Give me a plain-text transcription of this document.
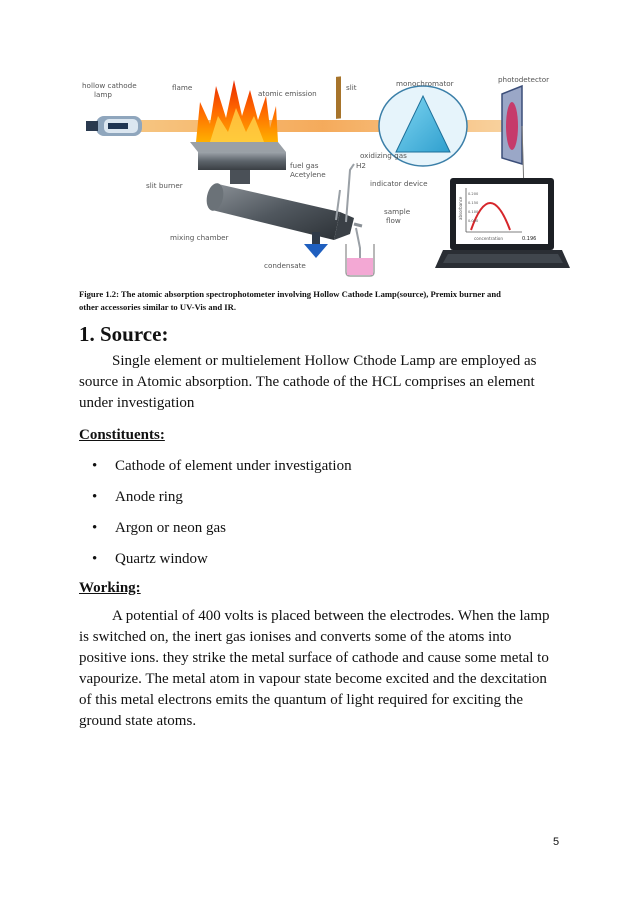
0.200
0.150
0.100
0.050
absorbance
concentration	0.196
hollow cathode
lamp
flame
atomic emission
slit	monochromator	photodetector
slit burner
fuel gas
Acetylene
oxidizing gas
H2
indicator device
sample
flow
mixing chamber
condensate
Figure 1.2: The atomic absorption spectrophotometer involving Hollow Cathode Lamp(source), Premix burner and
other accessories similar to UV-Vis and IR.
1. Source:
Single element or multielement Hollow Cthode Lamp are employed as
source in Atomic absorption. The cathode of the HCL comprises an element
under investigation
Constituents:
•	Cathode of element under investigation
•	Anode ring
•	Argon or neon gas
•	Quartz window
Working:
A potential of 400 volts is placed between the electrodes. When the lamp
is switched on, the inert gas ionises and converts some of the atoms into
positive ions. they strike the metal surface of cathode and cause some metal to
vapourize. The metal atom in vapour state become excited and the dexcitation
of this metal electrons emits the quantum of light required for exciting the
ground state atoms.
5
